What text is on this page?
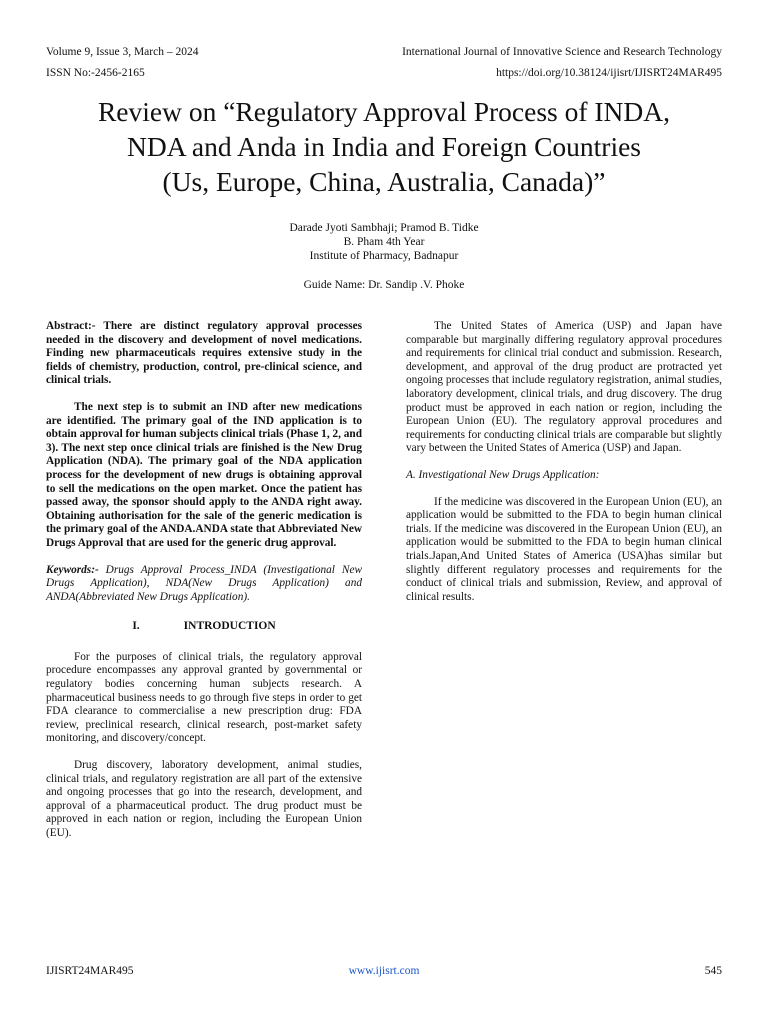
Volume 9, Issue 3, March – 2024	International Journal of Innovative Science and Research Technology
ISSN No:-2456-2165	https://doi.org/10.38124/ijisrt/IJISRT24MAR495
Review on “Regulatory Approval Process of INDA,
NDA and Anda in India and Foreign Countries
(Us, Europe, China, Australia, Canada)”
Darade Jyoti Sambhaji; Pramod B. Tidke
B. Pham 4th Year
Institute of Pharmacy, Badnapur
Guide Name: Dr. Sandip .V. Phoke

Abstract:- There are distinct regulatory approval processes needed in the discovery and development of novel medications. Finding new pharmaceuticals requires extensive study in the fields of chemistry, production, control, pre-clinical science, and clinical trials.

The next step is to submit an IND after new medications are identified. The primary goal of the IND application is to obtain approval for human subjects clinical trials (Phase 1, 2, and 3). The next step once clinical trials are finished is the New Drug Application (NDA). The primary goal of the NDA application process for the development of new drugs is obtaining approval to sell the medications on the open market. Once the patient has passed away, the sponsor should apply to the ANDA right away. Obtaining authorisation for the sale of the generic medication is the primary goal of the ANDA.ANDA state that Abbreviated New Drugs Approval that are used for the generic drug approval.

Keywords:- Drugs Approval Process_INDA (Investigational New Drugs Application), NDA(New Drugs Application) and ANDA(Abbreviated New Drugs Application).

I.	INTRODUCTION

For the purposes of clinical trials, the regulatory approval procedure encompasses any approval granted by governmental or regulatory bodies concerning human subjects research. A pharmaceutical business needs to go through five steps in order to get FDA clearance to commercialise a new prescription drug: FDA review, preclinical research, clinical research, post-market safety monitoring, and discovery/concept.

Drug discovery, laboratory development, animal studies, clinical trials, and regulatory registration are all part of the extensive and ongoing processes that go into the research, development, and approval of a pharmaceutical product. The drug product must be approved in each nation or region, including the European Union (EU).

The United States of America (USP) and Japan have comparable but marginally differing regulatory approval procedures and requirements for clinical trial conduct and submission. Research, development, and approval of the drug product are protracted yet ongoing processes that include regulatory registration, animal studies, laboratory development, clinical trials, and drug discovery. The drug product must be approved in each nation or region, including the European Union (EU). The regulatory approval procedures and requirements for conducting clinical trials are comparable but slightly vary between the United States of America (USP) and Japan.

A. Investigational New Drugs Application:

If the medicine was discovered in the European Union (EU), an application would be submitted to the FDA to begin human clinical trials. If the medicine was discovered in the European Union (EU), an application would be submitted to the FDA to begin human clinical trials.Japan,And United States of America (USA)has similar but slightly different regulatory processes and requirements for the conduct of clinical trials and submission, Review, and approval of clinical results.

IJISRT24MAR495	www.ijisrt.com	545
